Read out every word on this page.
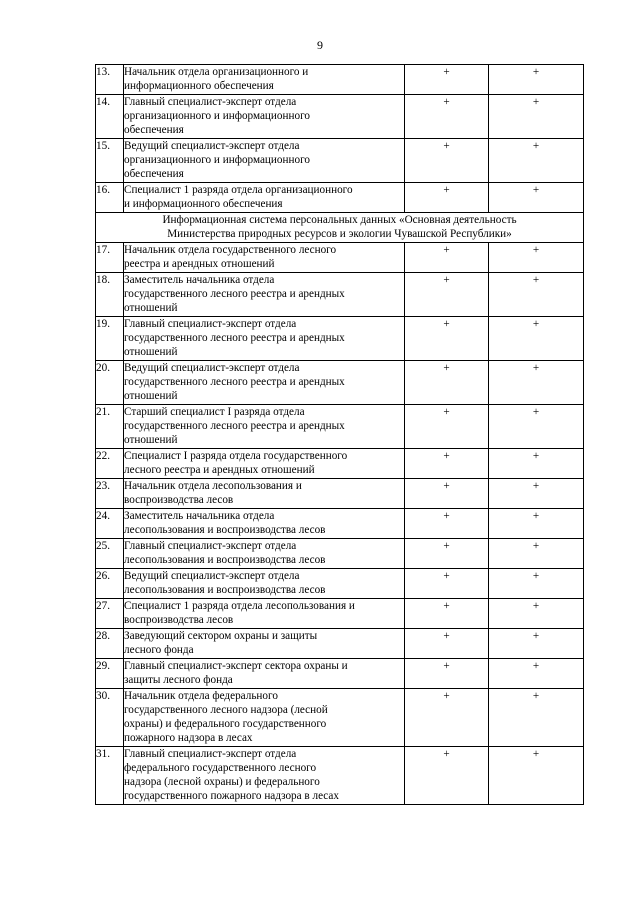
9
13.	Начальник отдела организационного и
информационного обеспечения	+	+
14.	Главный специалист-эксперт отдела
организационного и информационного
обеспечения	+	+
15.	Ведущий специалист-эксперт отдела
организационного и информационного
обеспечения	+	+
16.	Специалист 1 разряда отдела организационного
и информационного обеспечения	+	+

Информационная система персональных данных «Основная деятельность
Министерства природных ресурсов и экологии Чувашской Республики»			

17.	Начальник отдела государственного лесного
реестра и арендных отношений	+	+
18.	Заместитель начальника отдела
государственного лесного реестра и арендных
отношений	+	+
19.	Главный специалист-эксперт отдела
государственного лесного реестра и арендных
отношений	+	+
20.	Ведущий специалист-эксперт отдела
государственного лесного реестра и арендных
отношений	+	+
21.	Старший специалист I разряда отдела
государственного лесного реестра и арендных
отношений	+	+
22.	Специалист I разряда отдела государственного
лесного реестра и арендных отношений	+	+
23.	Начальник отдела лесопользования и
воспроизводства лесов	+	+
24.	Заместитель начальника отдела
лесопользования и воспроизводства лесов	+	+
25.	Главный специалист-эксперт отдела
лесопользования и воспроизводства лесов	+	+
26.	Ведущий специалист-эксперт отдела
лесопользования и воспроизводства лесов	+	+
27.	Специалист 1 разряда отдела лесопользования и
воспроизводства лесов	+	+
28.	Заведующий сектором охраны и защиты
лесного фонда	+	+
29.	Главный специалист-эксперт сектора охраны и
защиты лесного фонда	+	+
30.	Начальник отдела федерального
государственного лесного надзора (лесной
охраны) и федерального государственного
пожарного надзора в лесах	+	+
31.	Главный специалист-эксперт отдела
федерального государственного лесного
надзора (лесной охраны) и федерального
государственного пожарного надзора в лесах	+	+
